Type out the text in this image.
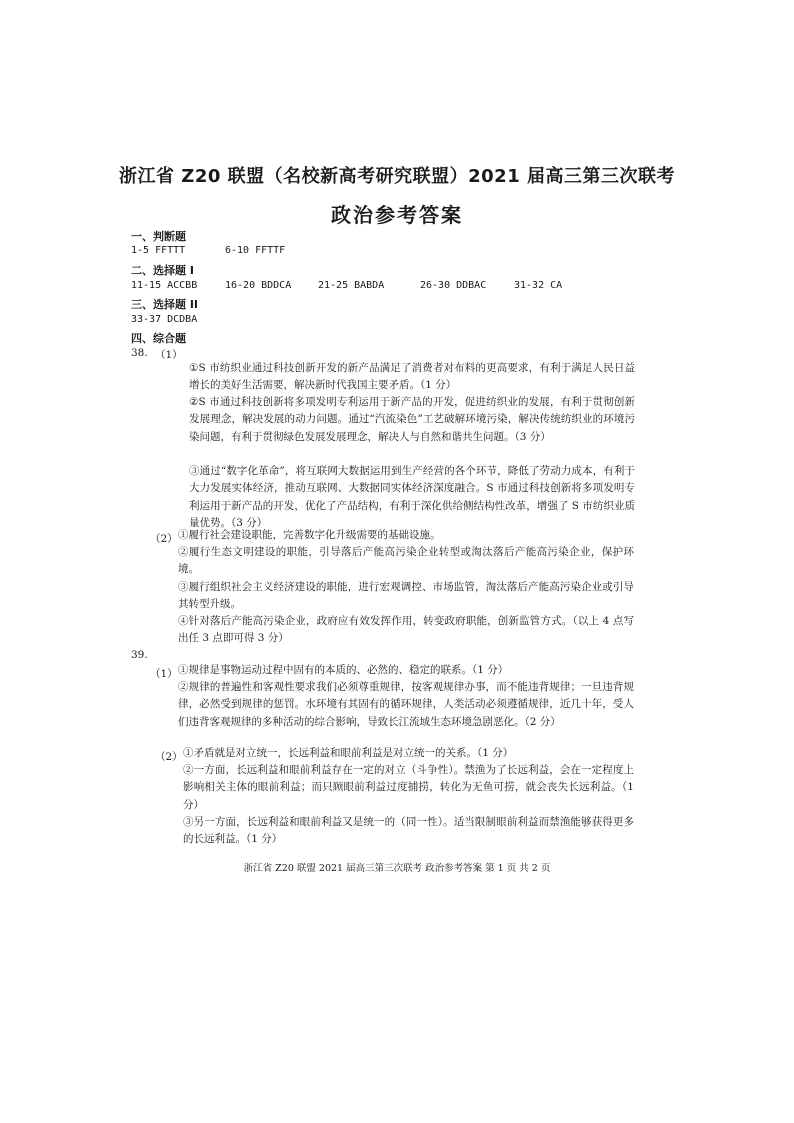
浙江省 Z20 联盟（名校新高考研究联盟）2021 届高三第三次联考
政治参考答案
一、判断题
1-5 FFTTT	6-10 FFTTF
二、选择题 I
11-15 ACCBB	16-20 BDDCA	21-25 BABDA	26-30 DDBAC	31-32 CA
三、选择题 II
33-37 DCDBA
四、综合题
38. （1）
①S 市纺织业通过科技创新开发的新产品满足了消费者对布料的更高要求，有利于满足人民日益增长的美好生活需要，解决新时代我国主要矛盾。（1 分）
②S 市通过科技创新将多项发明专利运用于新产品的开发，促进纺织业的发展，有利于贯彻创新发展理念，解决发展的动力问题。通过“汽流染色”工艺破解环境污染，解决传统纺织业的环境污染问题，有利于贯彻绿色发展发展理念，解决人与自然和谐共生问题。（3 分）
③通过“数字化革命”，将互联网大数据运用到生产经营的各个环节，降低了劳动力成本，有利于大力发展实体经济，推动互联网、大数据同实体经济深度融合。S 市通过科技创新将多项发明专利运用于新产品的开发，优化了产品结构，有利于深化供给侧结构性改革，增强了 S 市纺织业质量优势。（3 分）
（2） ①履行社会建设职能，完善数字化升级需要的基础设施。
②履行生态文明建设的职能，引导落后产能高污染企业转型或淘汰落后产能高污染企业，保护环境。
③履行组织社会主义经济建设的职能，进行宏观调控、市场监管，淘汰落后产能高污染企业或引导其转型升级。
④针对落后产能高污染企业，政府应有效发挥作用，转变政府职能，创新监管方式。（以上 4 点写出任 3 点即可得 3 分）
39.
（1） ①规律是事物运动过程中固有的本质的、必然的、稳定的联系。（1 分）
②规律的普遍性和客观性要求我们必须尊重规律，按客观规律办事，而不能违背规律；一旦违背规律，必然受到规律的惩罚。水环境有其固有的循环规律，人类活动必须遵循规律，近几十年，受人们违背客观规律的多种活动的综合影响，导致长江流域生态环境急剧恶化。（2 分）
（2） ①矛盾就是对立统一，长远利益和眼前利益是对立统一的关系。（1 分）
②一方面，长远利益和眼前利益存在一定的对立（斗争性）。禁渔为了长远利益，会在一定程度上影响相关主体的眼前利益；而只顾眼前利益过度捕捞，转化为无鱼可捞，就会丧失长远利益。（1 分）
③另一方面，长远利益和眼前利益又是统一的（同一性）。适当限制眼前利益而禁渔能够获得更多的长远利益。（1 分）
浙江省 Z20 联盟 2021 届高三第三次联考 政治参考答案 第 1 页 共 2 页
